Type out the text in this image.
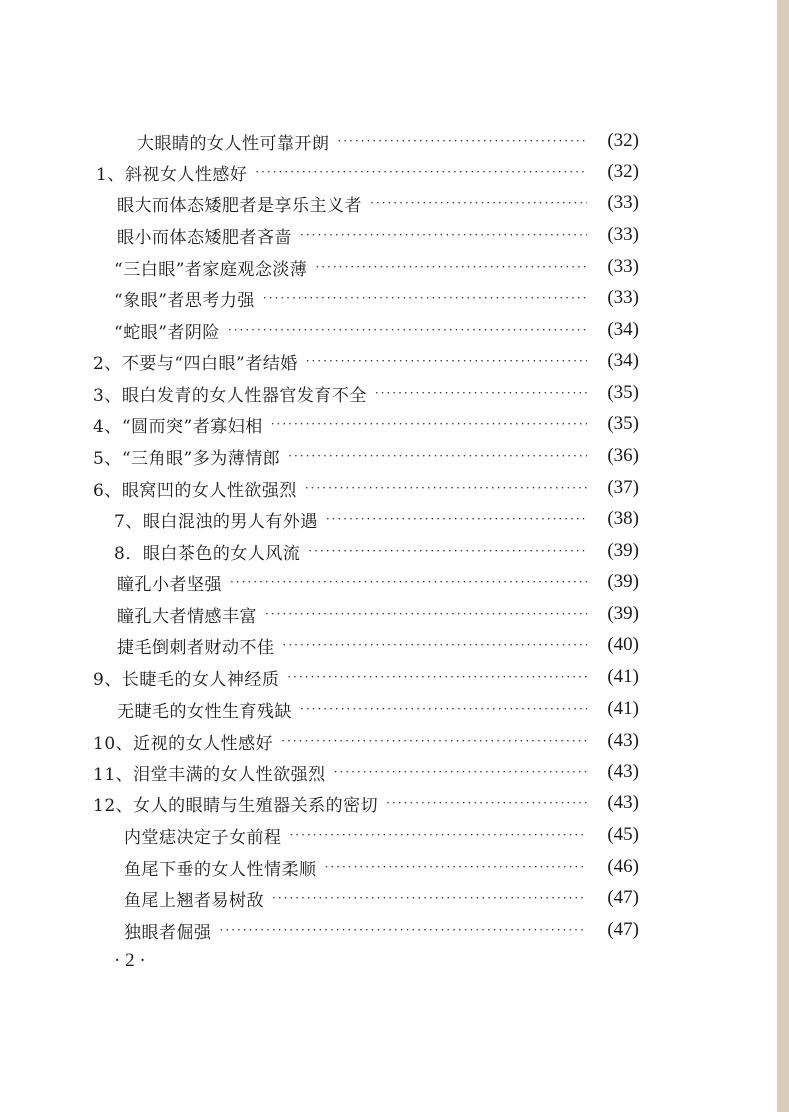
大眼睛的女人性可靠开朗 ·····	(32)
1、斜视女人性感好 ·····	(32)
眼大而体态矮肥者是享乐主义者 ·····	(33)
眼小而体态矮肥者吝啬 ·····	(33)
“三白眼”者家庭观念淡薄 ·····	(33)
“象眼”者思考力强 ·····	(33)
“蛇眼”者阴险 ·····	(34)
2、不要与“四白眼”者结婚 ·····	(34)
3、眼白发青的女人性器官发育不全 ·····	(35)
4、“圆而突”者寡妇相 ·····	(35)
5、“三角眼”多为薄情郎 ·····	(36)
6、眼窝凹的女人性欲强烈 ·····	(37)
7、眼白混浊的男人有外遇 ·····	(38)
8．眼白茶色的女人风流 ·····	(39)
瞳孔小者坚强 ·····	(39)
瞳孔大者情感丰富 ·····	(39)
捷毛倒刺者财动不佳 ·····	(40)
9、长睫毛的女人神经质 ·····	(41)
无睫毛的女性生育残缺 ·····	(41)
10、近视的女人性感好 ·····	(43)
11、泪堂丰满的女人性欲强烈 ·····	(43)
12、女人的眼睛与生殖器关系的密切 ·····	(43)
内堂痣决定子女前程 ·····	(45)
鱼尾下垂的女人性情柔顺 ·····	(46)
鱼尾上翘者易树敌 ·····	(47)
独眼者倔强 ·····	(47)
· 2 ·
